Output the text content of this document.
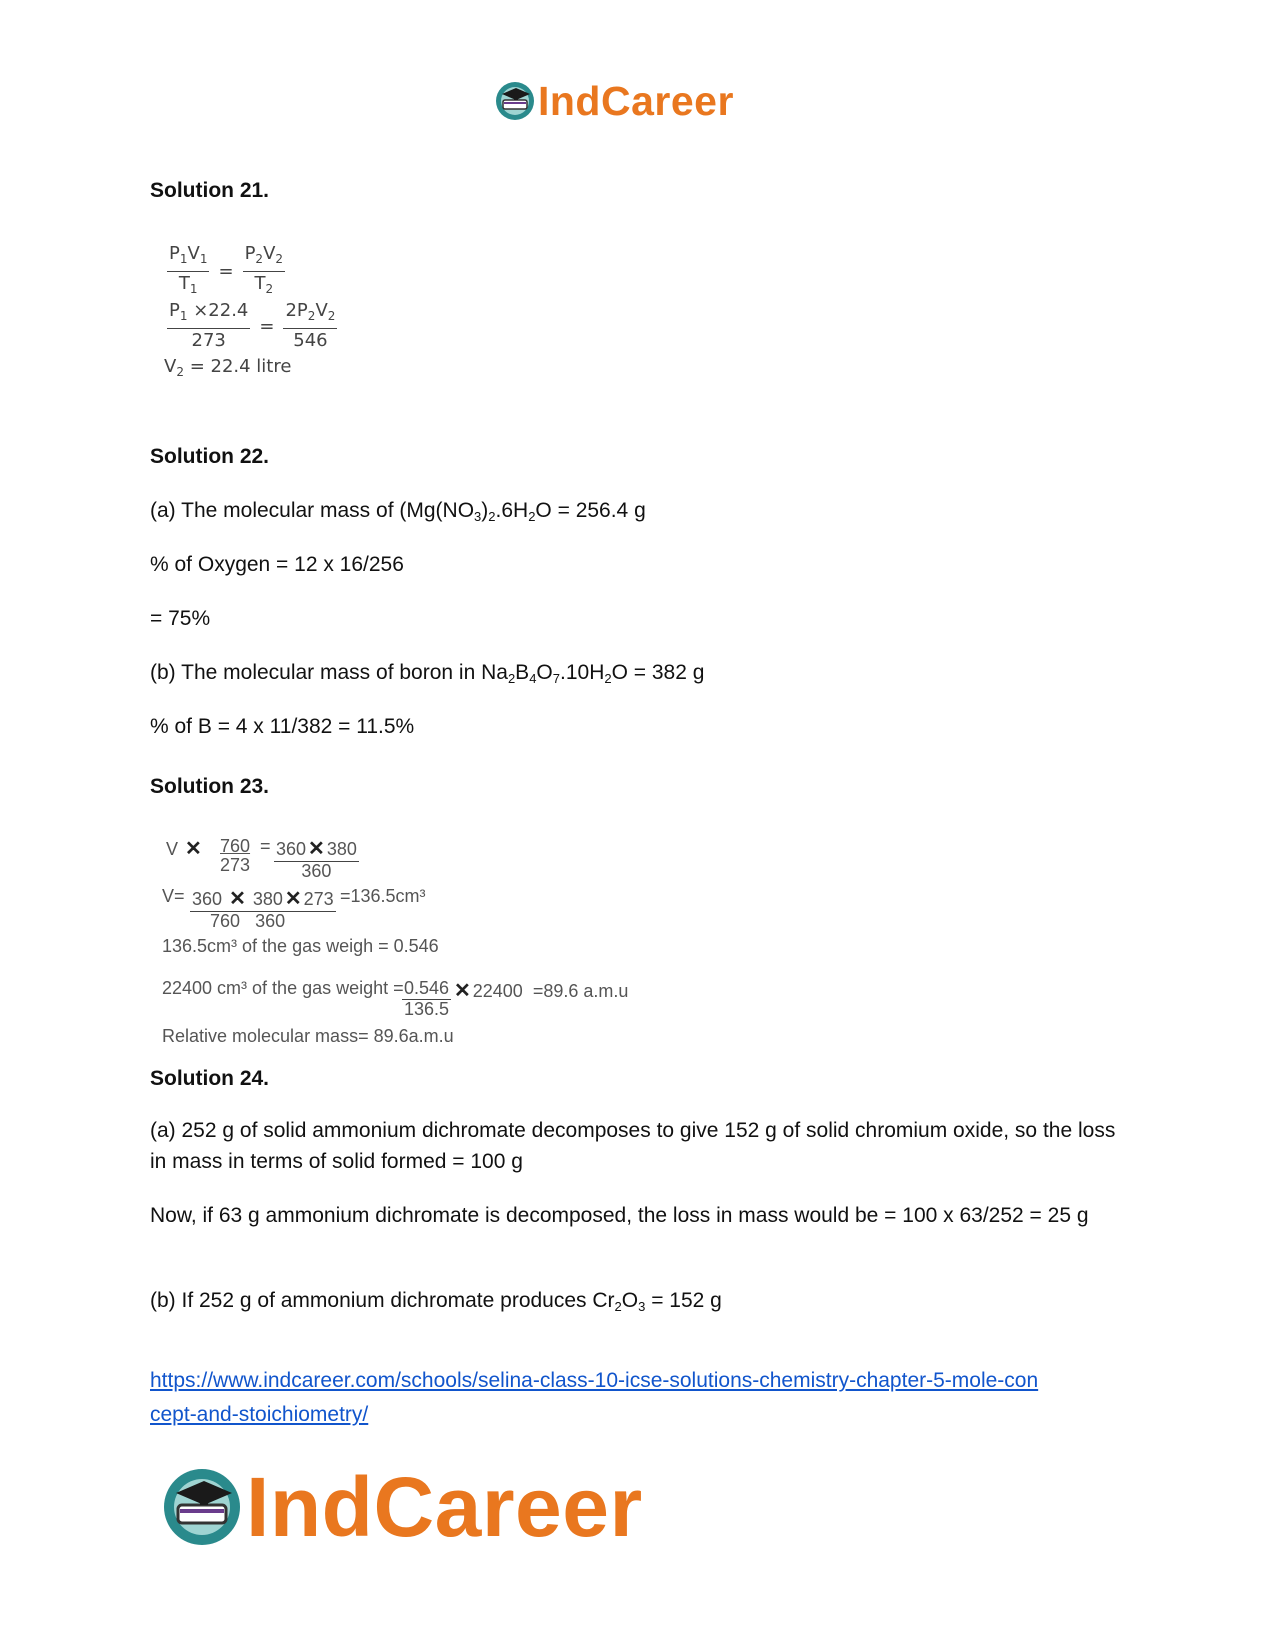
IndCareer
Solution 21.
$\frac{P_1V_1}{T_1} = \frac{P_2V_2}{T_2}$
$\frac{P_1 \times 22.4}{273} = \frac{2P_2V_2}{546}$
$V_2 = 22.4$ litre
Solution 22.
(a) The molecular mass of ($Mg(NO_3)_2.6H_2O = 256.4$ g
% of Oxygen = 12 x 16/256
= 75%
(b) The molecular mass of boron in $Na_2B_4O_7.10H_2O = 382$ g
% of B = 4 x 11/382 = 11.5%
Solution 23.
V ✕ 760
273
= 360 ✕ 380
360
V= 360 ✕ 380 ✕ 273
760 360
=136.5cm³
136.5cm³ of the gas weigh = 0.546
22400 cm³ of the gas weight = 0.546
136.5
✕ 22400 =89.6 a.m.u
Relative molecular mass= 89.6a.m.u
Solution 24.
(a) 252 g of solid ammonium dichromate decomposes to give 152 g of solid chromium oxide, so the loss in mass in terms of solid formed = 100 g
Now, if 63 g ammonium dichromate is decomposed, the loss in mass would be = 100 x 63/252 = 25 g
(b) If 252 g of ammonium dichromate produces $Cr_2O_3 = 152$ g
https://www.indcareer.com/schools/selina-class-10-icse-solutions-chemistry-chapter-5-mole-con
cept-and-stoichiometry/
IndCareer
